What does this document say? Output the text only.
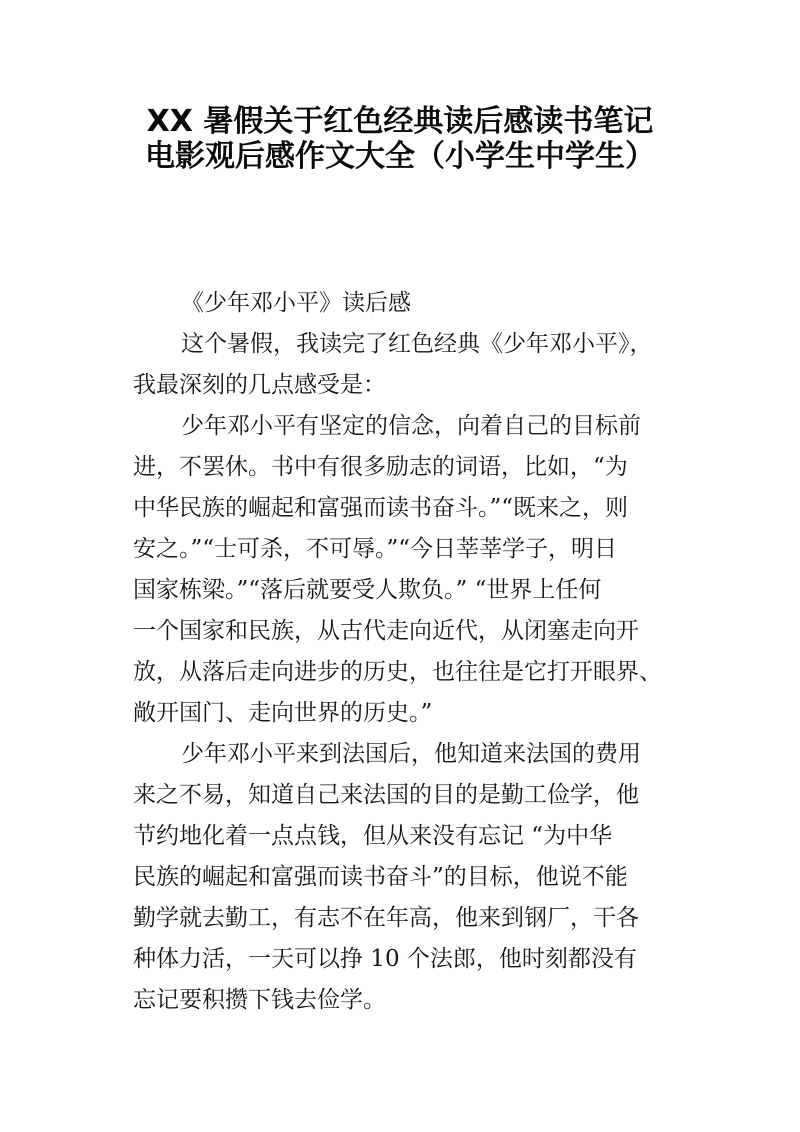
XX 暑假关于红色经典读后感读书笔记
电影观后感作文大全（小学生中学生）
《少年邓小平》读后感
这个暑假，我读完了红色经典《少年邓小平》，
我最深刻的几点感受是：
少年邓小平有坚定的信念，向着自己的目标前
进，不罢休。书中有很多励志的词语，比如，“为
中华民族的崛起和富强而读书奋斗。”“既来之，则
安之。”“士可杀，不可辱。”“今日莘莘学子，明日
国家栋梁。”“落后就要受人欺负。” “世界上任何
一个国家和民族，从古代走向近代，从闭塞走向开
放，从落后走向进步的历史，也往往是它打开眼界、
敞开国门、走向世界的历史。”
少年邓小平来到法国后，他知道来法国的费用
来之不易，知道自己来法国的目的是勤工俭学，他
节约地化着一点点钱，但从来没有忘记 “为中华
民族的崛起和富强而读书奋斗”的目标，他说不能
勤学就去勤工，有志不在年高，他来到钢厂，干各
种体力活，一天可以挣 10 个法郎，他时刻都没有
忘记要积攒下钱去俭学。
